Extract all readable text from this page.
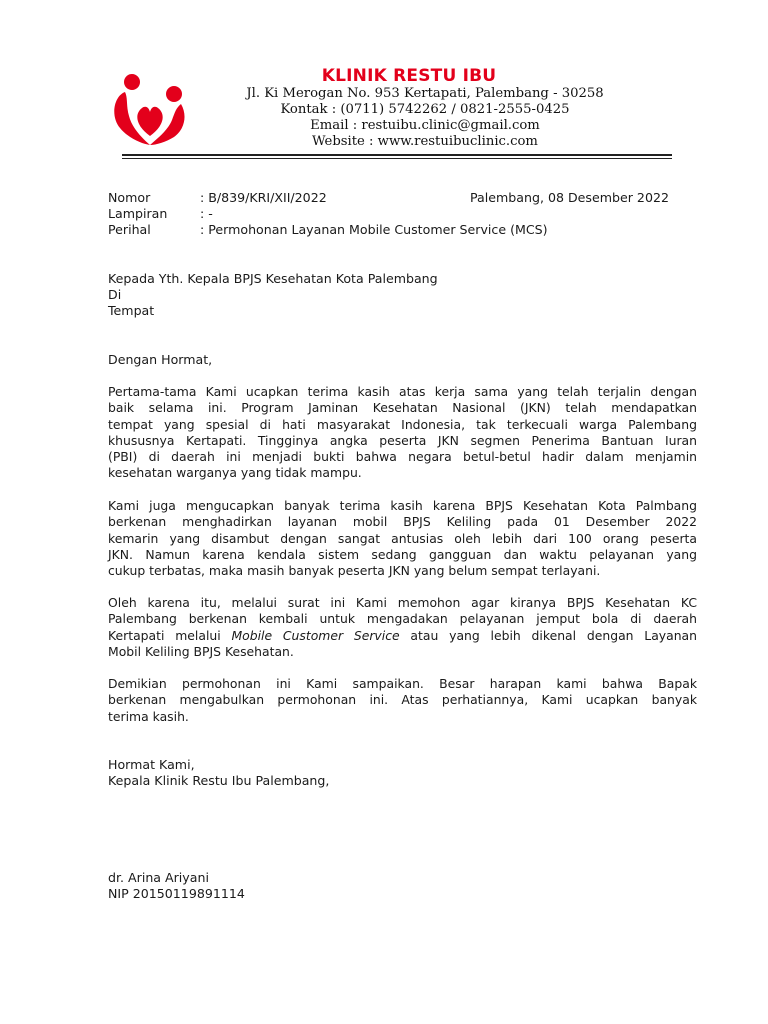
KLINIK RESTU IBU
Jl. Ki Merogan No. 953 Kertapati, Palembang - 30258
Kontak : (0711) 5742262 / 0821-2555-0425
Email : restuibu.clinic@gmail.com
Website : www.restuibuclinic.com
Nomor	: B/839/KRI/XII/2022	Palembang, 08 Desember 2022
Lampiran	: -
Perihal	: Permohonan Layanan Mobile Customer Service (MCS)
Kepada Yth. Kepala BPJS Kesehatan Kota Palembang
Di
Tempat
Dengan Hormat,
Pertama-tama Kami ucapkan terima kasih atas kerja sama yang telah terjalin dengan
baik selama ini. Program Jaminan Kesehatan Nasional (JKN) telah mendapatkan
tempat yang spesial di hati masyarakat Indonesia, tak terkecuali warga Palembang
khususnya Kertapati. Tingginya angka peserta JKN segmen Penerima Bantuan Iuran
(PBI) di daerah ini menjadi bukti bahwa negara betul-betul hadir dalam menjamin
kesehatan warganya yang tidak mampu.
Kami juga mengucapkan banyak terima kasih karena BPJS Kesehatan Kota Palmbang
berkenan menghadirkan layanan mobil BPJS Keliling pada 01 Desember 2022
kemarin yang disambut dengan sangat antusias oleh lebih dari 100 orang peserta
JKN. Namun karena kendala sistem sedang gangguan dan waktu pelayanan yang
cukup terbatas, maka masih banyak peserta JKN yang belum sempat terlayani.
Oleh karena itu, melalui surat ini Kami memohon agar kiranya BPJS Kesehatan KC
Palembang berkenan kembali untuk mengadakan pelayanan jemput bola di daerah
Kertapati melalui Mobile Customer Service atau yang lebih dikenal dengan Layanan
Mobil Keliling BPJS Kesehatan.
Demikian permohonan ini Kami sampaikan. Besar harapan kami bahwa Bapak
berkenan mengabulkan permohonan ini. Atas perhatiannya, Kami ucapkan banyak
terima kasih.
Hormat Kami,
Kepala Klinik Restu Ibu Palembang,
dr. Arina Ariyani
NIP 20150119891114
